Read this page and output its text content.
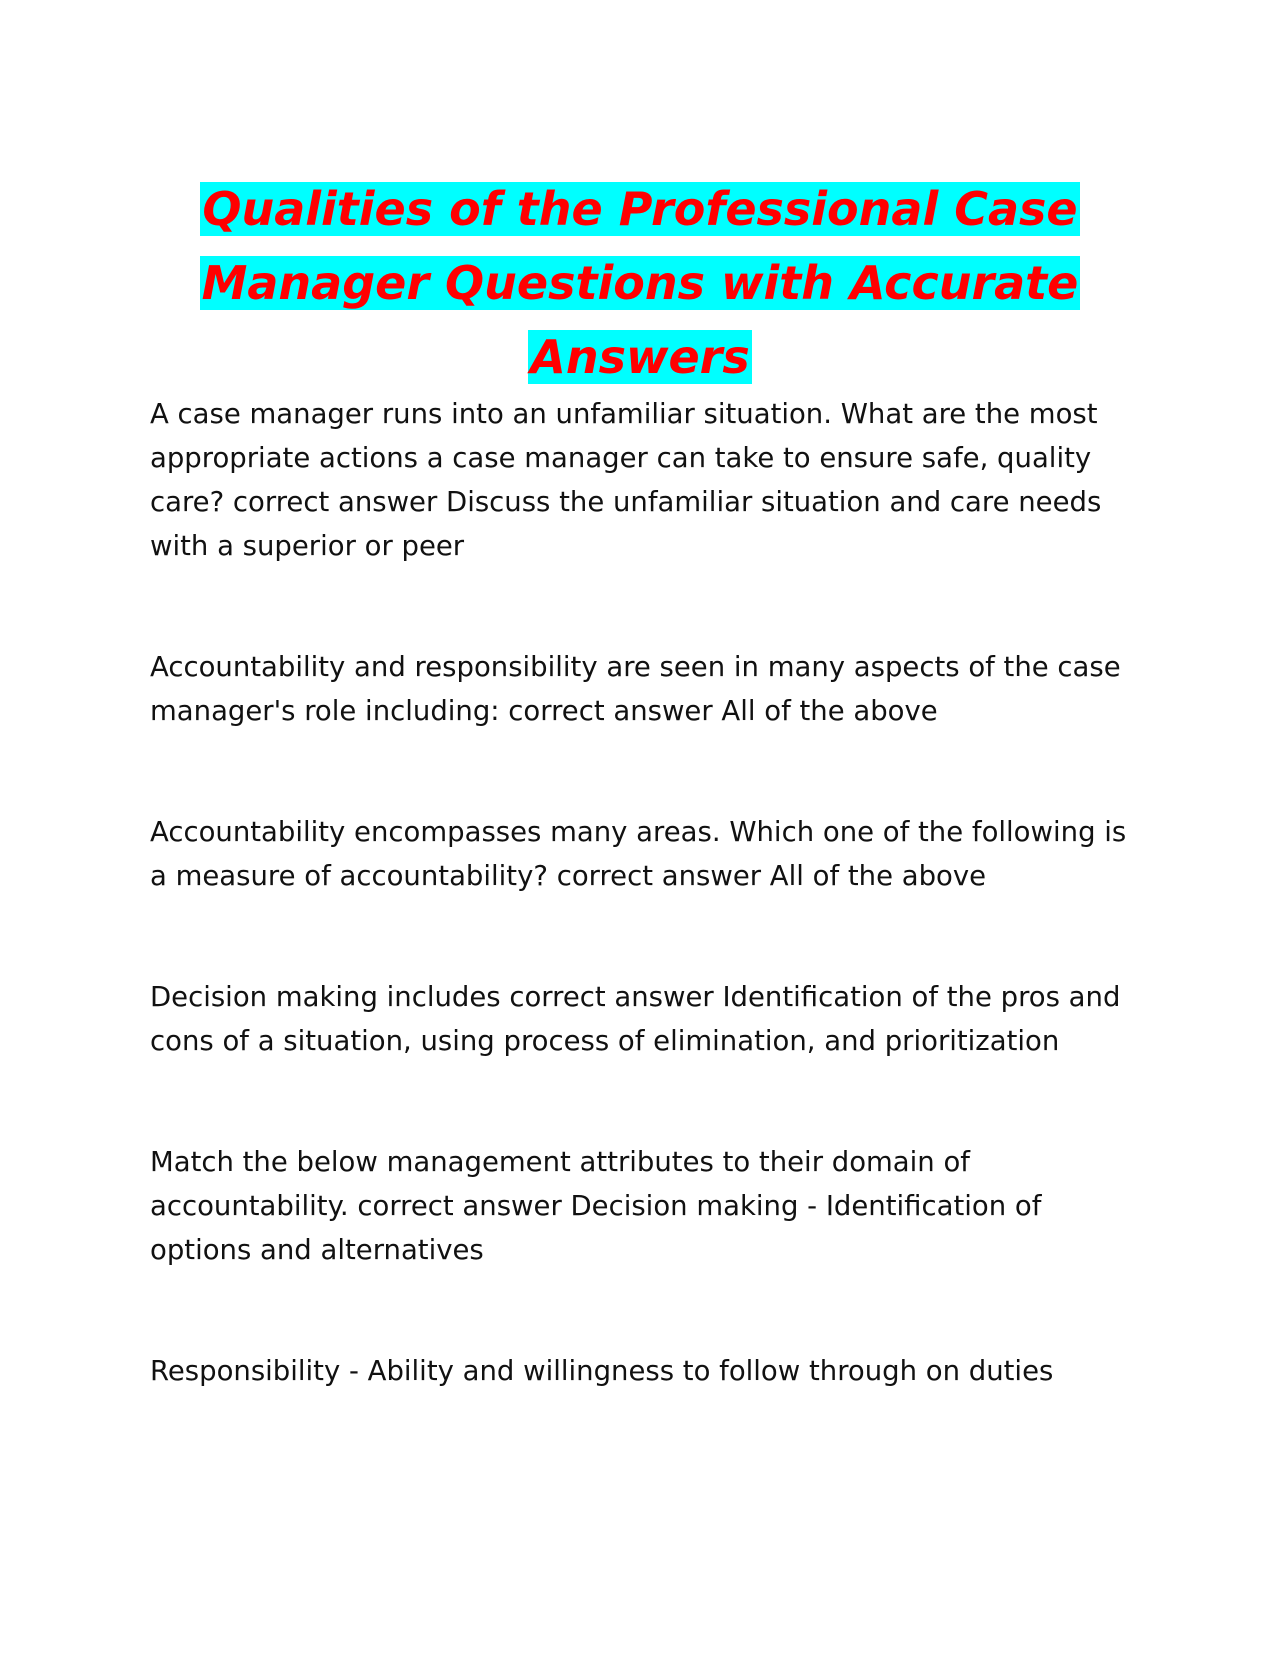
Qualities of the Professional Case
Manager Questions with Accurate
Answers

A case manager runs into an unfamiliar situation. What are the most appropriate actions a case manager can take to ensure safe, quality care? correct answer Discuss the unfamiliar situation and care needs with a superior or peer

Accountability and responsibility are seen in many aspects of the case manager's role including: correct answer All of the above

Accountability encompasses many areas. Which one of the following is a measure of accountability? correct answer All of the above

Decision making includes correct answer Identification of the pros and cons of a situation, using process of elimination, and prioritization

Match the below management attributes to their domain of accountability. correct answer Decision making - Identification of options and alternatives

Responsibility - Ability and willingness to follow through on duties
